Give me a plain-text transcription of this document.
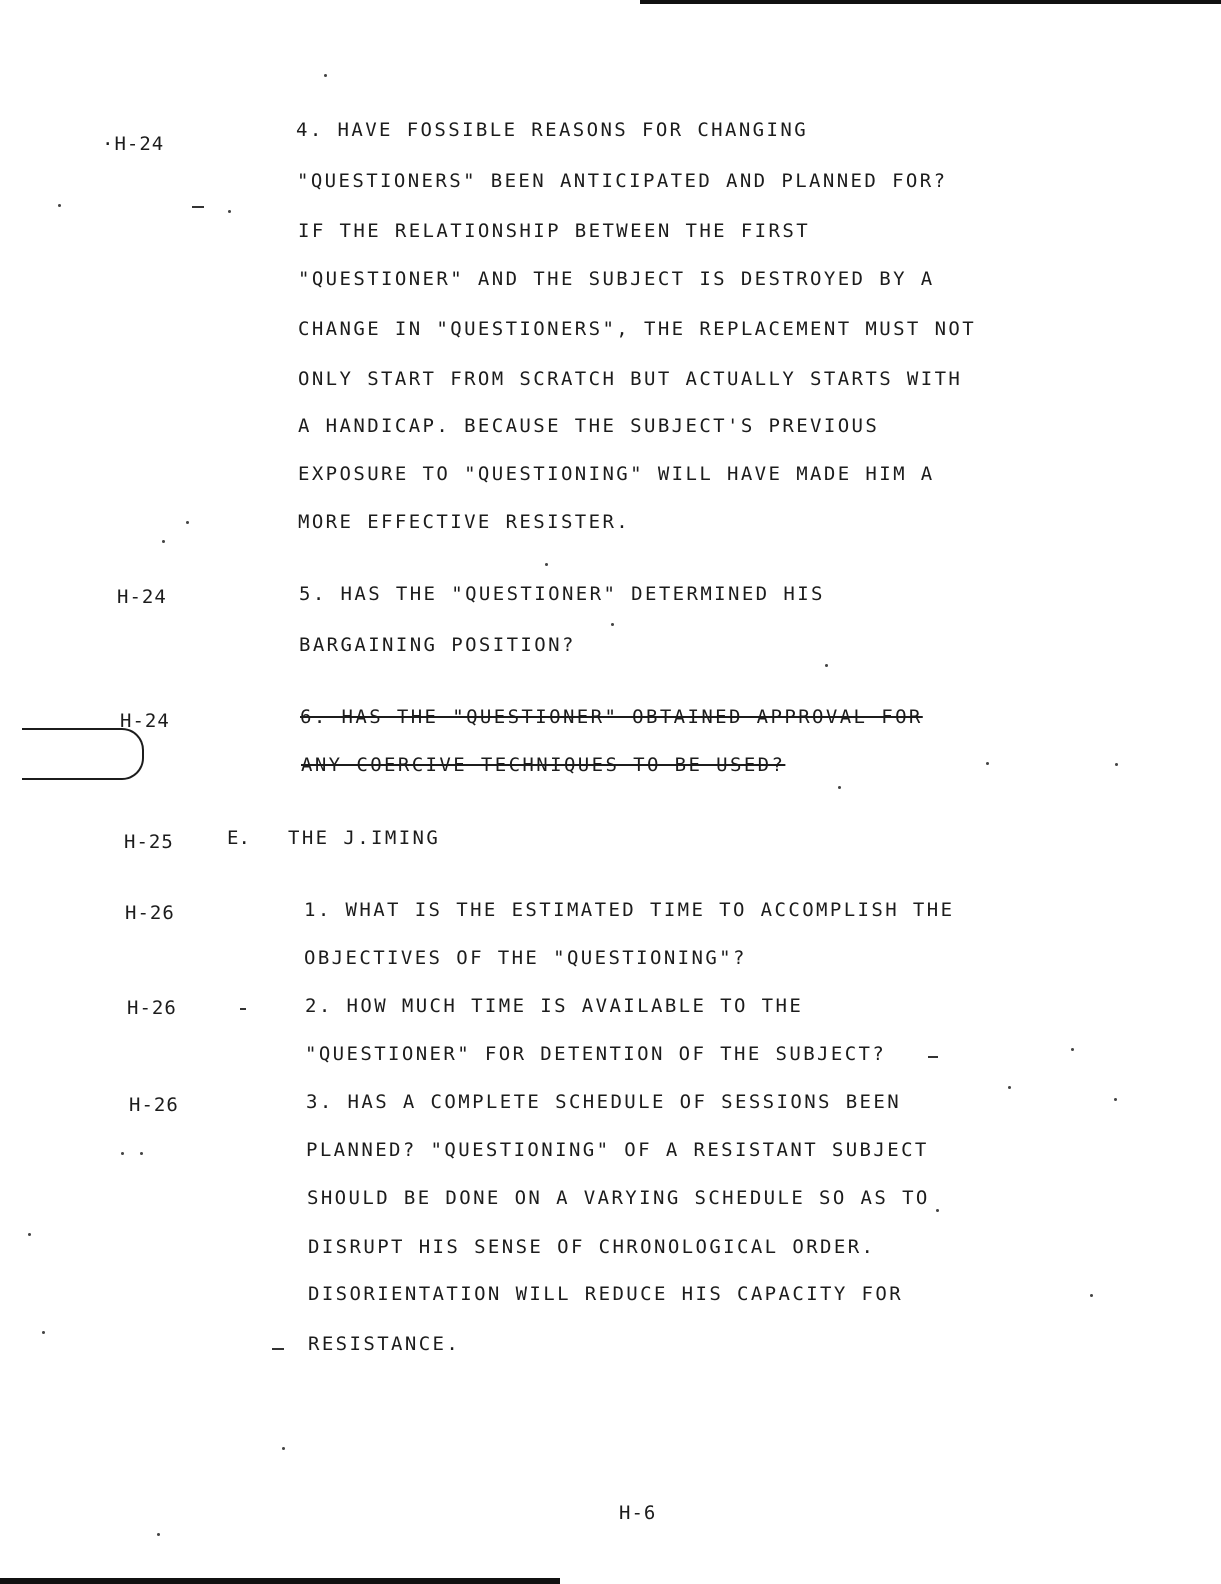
·H-24
H-24
H-24
H-25
H-26
H-26
H-26
4. HAVE FOSSIBLE REASONS FOR CHANGING
"QUESTIONERS" BEEN ANTICIPATED AND PLANNED FOR?
IF THE RELATIONSHIP BETWEEN THE FIRST
"QUESTIONER" AND THE SUBJECT IS DESTROYED BY A
CHANGE IN "QUESTIONERS", THE REPLACEMENT MUST NOT
ONLY START FROM SCRATCH BUT ACTUALLY STARTS WITH
A HANDICAP. BECAUSE THE SUBJECT'S PREVIOUS
EXPOSURE TO "QUESTIONING" WILL HAVE MADE HIM A
MORE EFFECTIVE RESISTER.
5. HAS THE "QUESTIONER" DETERMINED HIS
BARGAINING POSITION?
6. HAS THE "QUESTIONER" OBTAINED APPROVAL FOR
ANY COERCIVE TECHNIQUES TO BE USED?
E. THE J.IMING
1. WHAT IS THE ESTIMATED TIME TO ACCOMPLISH THE
OBJECTIVES OF THE "QUESTIONING"?
2. HOW MUCH TIME IS AVAILABLE TO THE
"QUESTIONER" FOR DETENTION OF THE SUBJECT?
3. HAS A COMPLETE SCHEDULE OF SESSIONS BEEN
PLANNED? "QUESTIONING" OF A RESISTANT SUBJECT
SHOULD BE DONE ON A VARYING SCHEDULE SO AS TO
DISRUPT HIS SENSE OF CHRONOLOGICAL ORDER.
DISORIENTATION WILL REDUCE HIS CAPACITY FOR
RESISTANCE.
H-6
